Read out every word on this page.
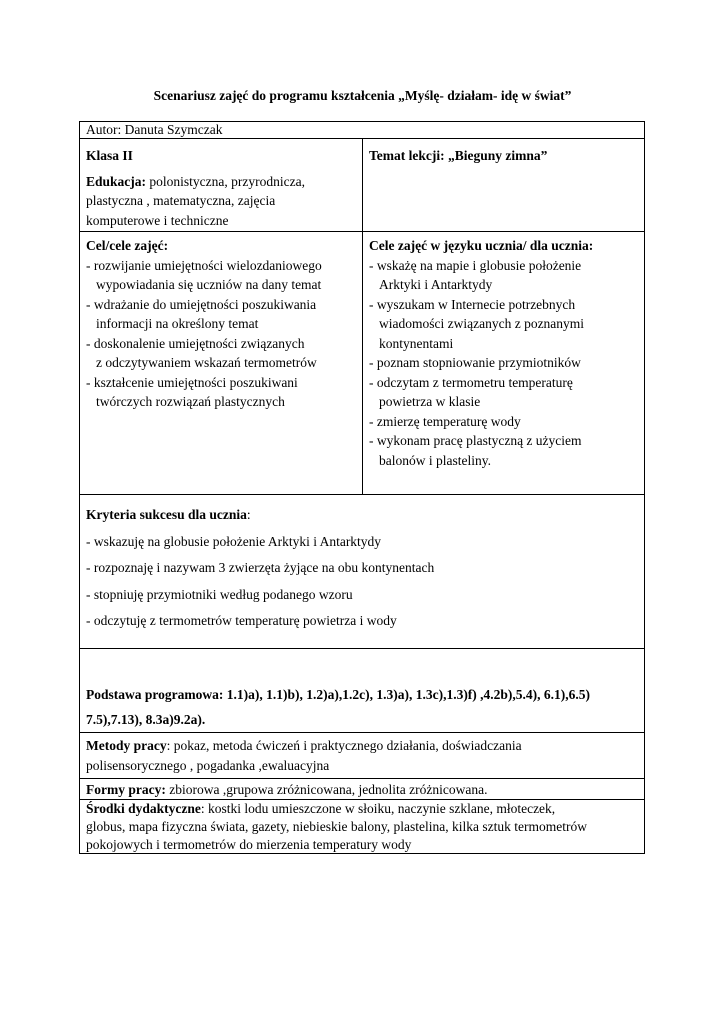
Scenariusz zajęć do programu kształcenia „Myślę- działam- idę w świat”
Autor: Danuta Szymczak
Klasa II
Edukacja: polonistyczna, przyrodnicza,
plastyczna , matematyczna, zajęcia
komputerowe i techniczne
Temat lekcji: „Bieguny zimna”
Cel/cele zajęć:
- rozwijanie umiejętności wielozdaniowego
wypowiadania się uczniów na dany temat
- wdrażanie do umiejętności poszukiwania
informacji na określony temat
- doskonalenie umiejętności związanych
z odczytywaniem wskazań termometrów
- kształcenie umiejętności poszukiwani
twórczych rozwiązań plastycznych
Cele zajęć w języku ucznia/ dla ucznia:
- wskażę na mapie i globusie położenie
Arktyki i Antarktydy
- wyszukam w Internecie potrzebnych
wiadomości związanych z poznanymi
kontynentami
- poznam stopniowanie przymiotników
- odczytam z termometru temperaturę
powietrza w klasie
- zmierzę temperaturę wody
- wykonam pracę plastyczną z użyciem
balonów i plasteliny.
Kryteria sukcesu dla ucznia:
- wskazuję na globusie położenie Arktyki i Antarktydy
- rozpoznaję i nazywam 3 zwierzęta żyjące na obu kontynentach
- stopniuję przymiotniki według podanego wzoru
- odczytuję z termometrów temperaturę powietrza i wody
Podstawa programowa: 1.1)a), 1.1)b), 1.2)a),1.2c), 1.3)a), 1.3c),1.3)f) ,4.2b),5.4), 6.1),6.5)
7.5),7.13), 8.3a)9.2a).
Metody pracy: pokaz, metoda ćwiczeń i praktycznego działania, doświadczania
polisensorycznego , pogadanka ,ewaluacyjna
Formy pracy: zbiorowa ,grupowa zróżnicowana, jednolita zróżnicowana.
Środki dydaktyczne: kostki lodu umieszczone w słoiku, naczynie szklane, młoteczek,
globus, mapa fizyczna świata, gazety, niebieskie balony, plastelina, kilka sztuk termometrów
pokojowych i termometrów do mierzenia temperatury wody
